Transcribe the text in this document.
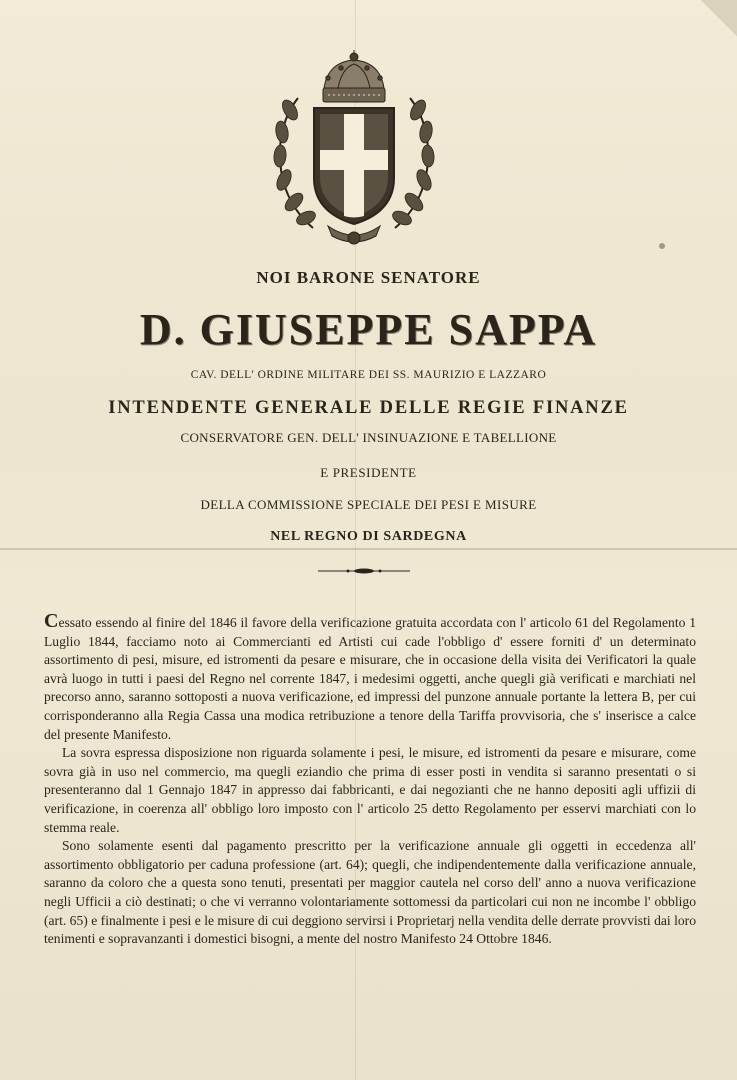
NOI BARONE SENATORE
D. GIUSEPPE SAPPA
CAV. DELL' ORDINE MILITARE DEI SS. MAURIZIO E LAZZARO
INTENDENTE GENERALE DELLE REGIE FINANZE
CONSERVATORE GEN. DELL' INSINUAZIONE E TABELLIONE
E PRESIDENTE
DELLA COMMISSIONE SPECIALE DEI PESI E MISURE
NEL REGNO DI SARDEGNA

Cessato essendo al finire del 1846 il favore della verificazione gratuita accordata con l' articolo 61 del Regolamento 1 Luglio 1844, facciamo noto ai Commercianti ed Artisti cui cade l'obbligo d' essere forniti d' un determinato assortimento di pesi, misure, ed istromenti da pesare e misurare, che in occasione della visita dei Verificatori la quale avrà luogo in tutti i paesi del Regno nel corrente 1847, i medesimi oggetti, anche quegli già verificati e marchiati nel precorso anno, saranno sottoposti a nuova verificazione, ed impressi del punzone annuale portante la lettera B, per cui corrisponderanno alla Regia Cassa una modica retribuzione a tenore della Tariffa provvisoria, che s' inserisce a calce del presente Manifesto.

La sovra espressa disposizione non riguarda solamente i pesi, le misure, ed istromenti da pesare e misurare, come sovra già in uso nel commercio, ma quegli eziandio che prima di esser posti in vendita si saranno presentati o si presenteranno dal 1 Gennajo 1847 in appresso dai fabbricanti, e dai negozianti che ne hanno depositi agli uffizii di verificazione, in coerenza all' obbligo loro imposto con l' articolo 25 detto Regolamento per esservi marchiati con lo stemma reale.

Sono solamente esenti dal pagamento prescritto per la verificazione annuale gli oggetti in eccedenza all' assortimento obbligatorio per caduna professione (art. 64); quegli, che indipendentemente dalla verificazione annuale, saranno da coloro che a questa sono tenuti, presentati per maggior cautela nel corso dell' anno a nuova verificazione negli Ufficii a ciò destinati; o che vi verranno volontariamente sottomessi da particolari cui non ne incombe l' obbligo (art. 65) e finalmente i pesi e le misure di cui deggiono servirsi i Proprietarj nella vendita delle derrate provvisti dai loro tenimenti e sopravanzanti i domestici bisogni, a mente del nostro Manifesto 24 Ottobre 1846.
